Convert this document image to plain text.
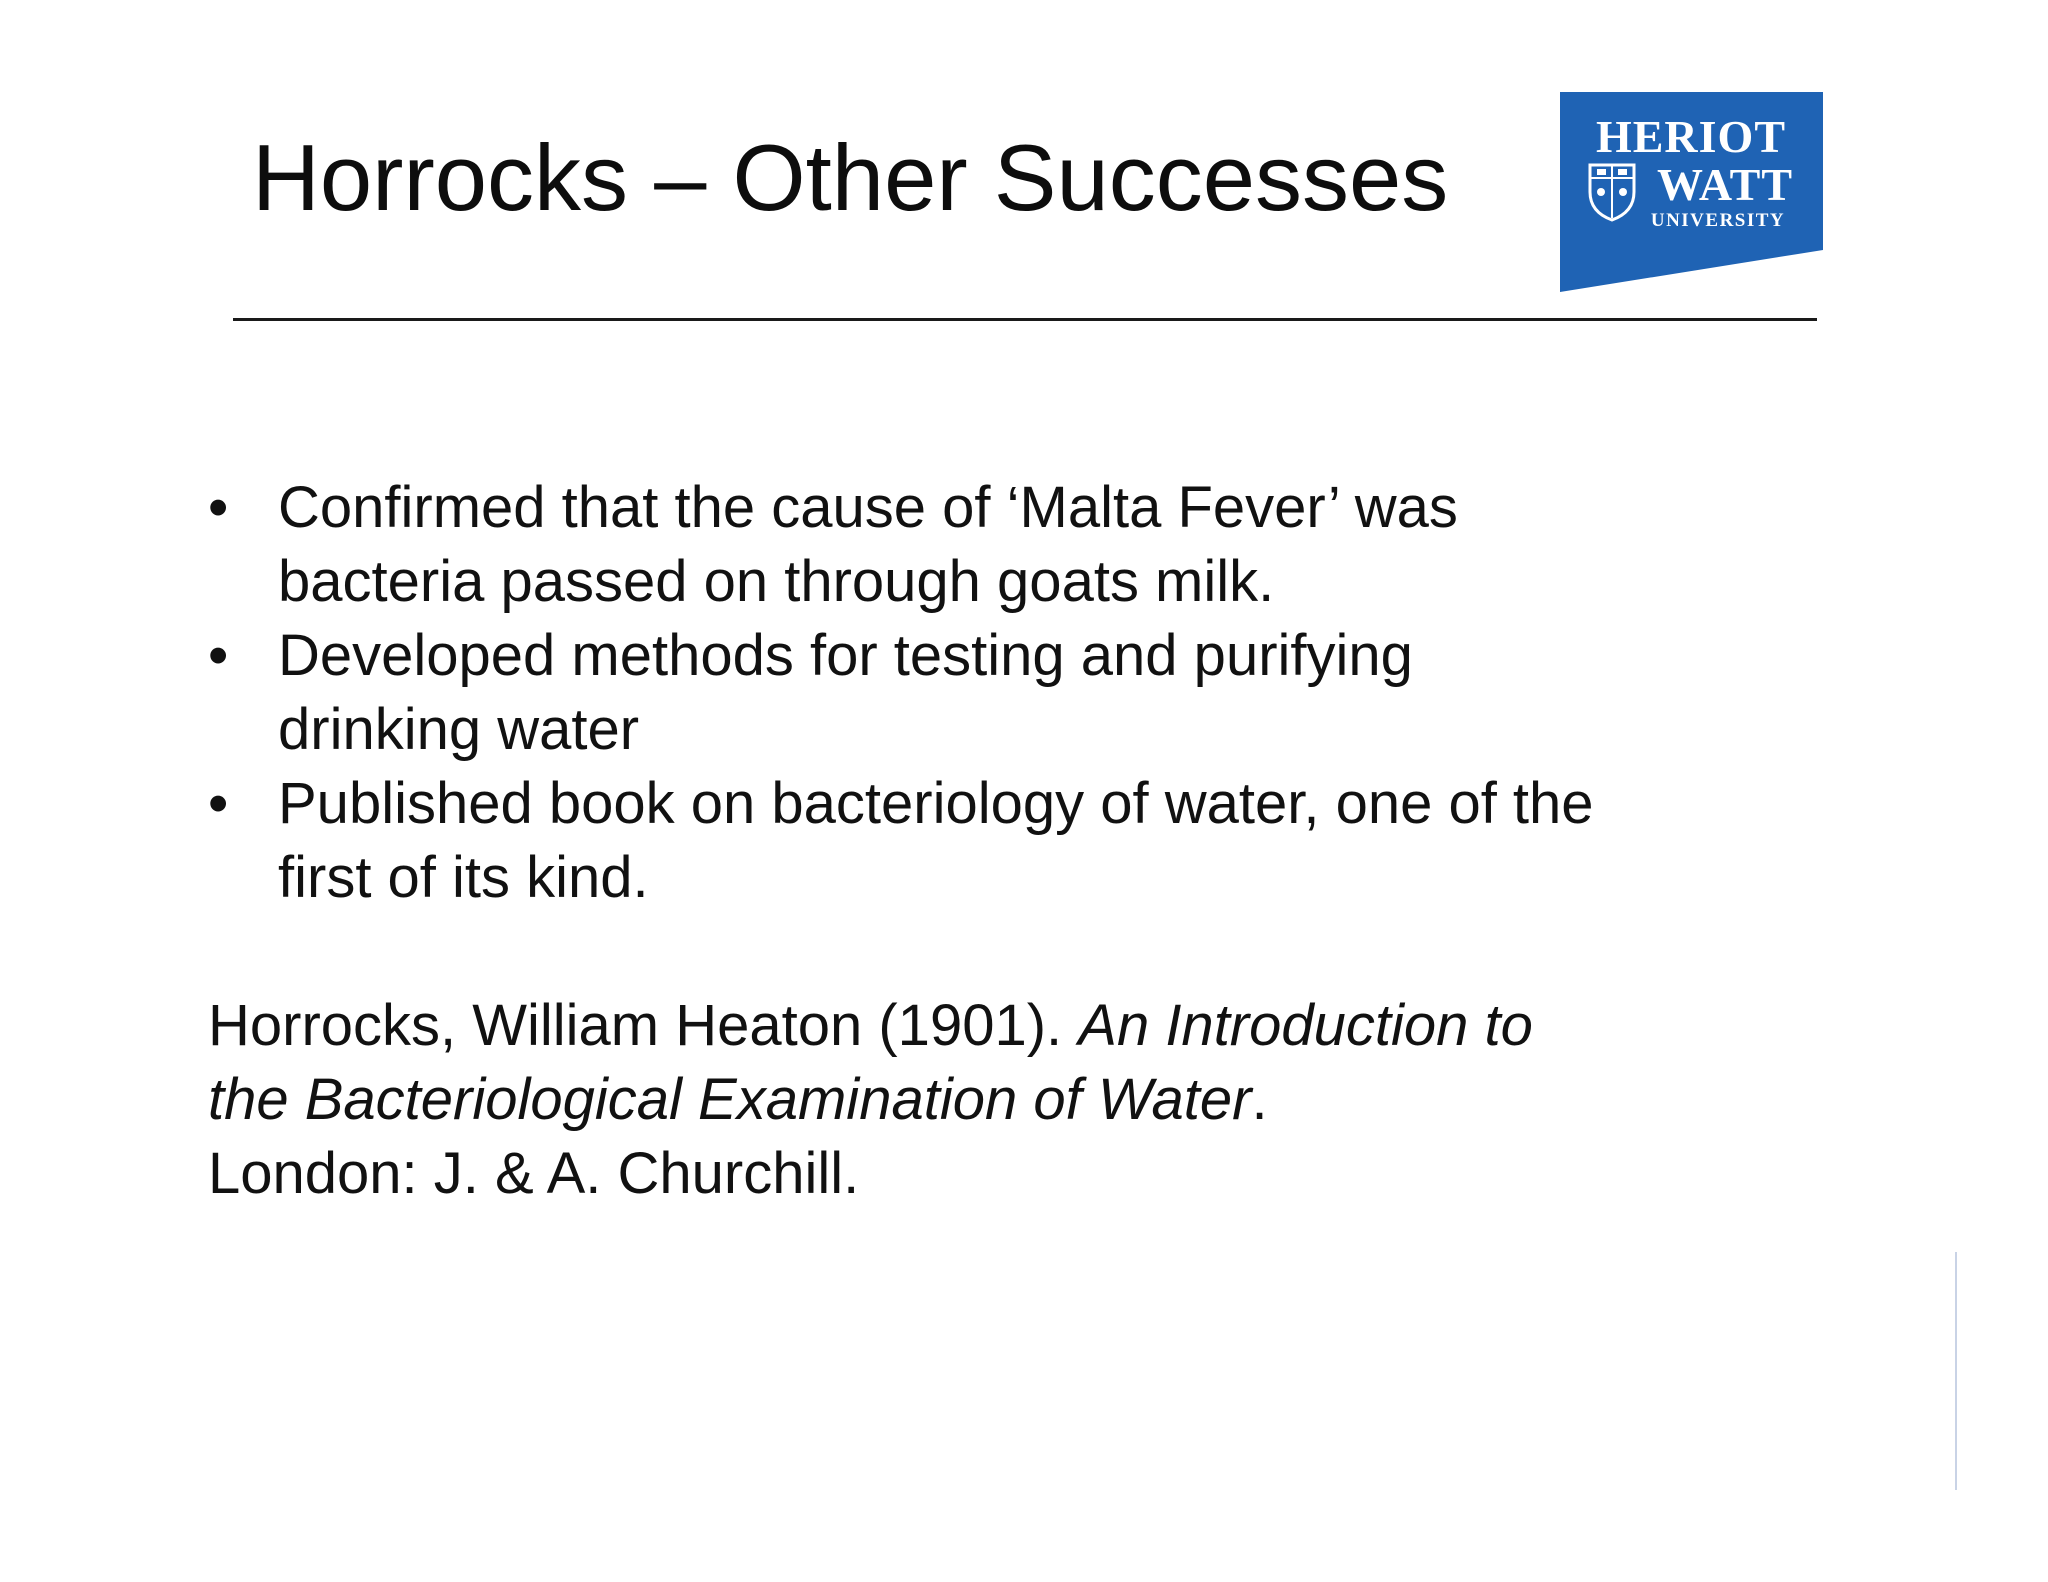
Horrocks – Other Successes	HERIOT
WATT
UNIVERSITY
• Confirmed that the cause of ‘Malta Fever’ was bacteria passed on through goats milk.
• Developed methods for testing and purifying drinking water
• Published book on bacteriology of water, one of the first of its kind.

Horrocks, William Heaton (1901). An Introduction to the Bacteriological Examination of Water.
London: J. & A. Churchill.
